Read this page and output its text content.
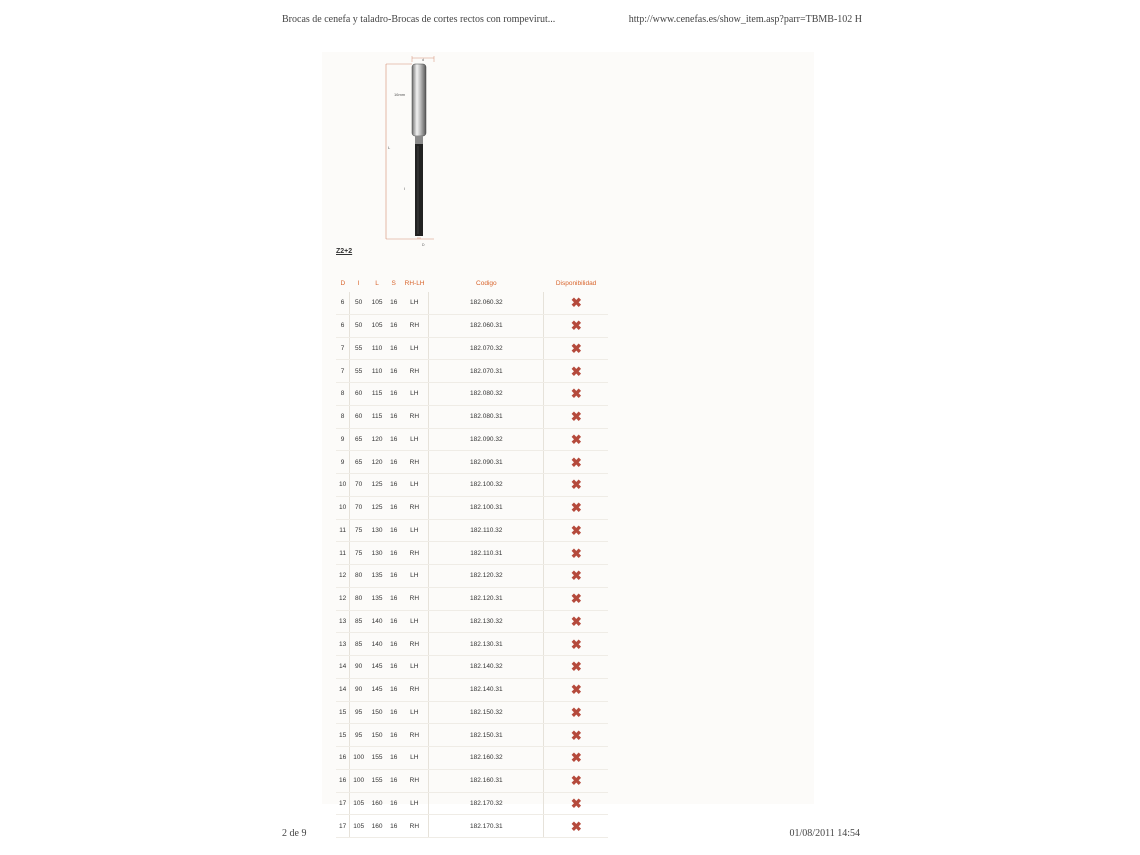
Brocas de cenefa y taladro-Brocas de cortes rectos con rompevirut...	http://www.cenefas.es/show_item.asp?parr=TBMB-102 H
d
16mm
L
I
D
Z2+2
D	I	L	S	RH-LH	Codigo	Disponibilidad
6	50	105	16	LH	182.060.32	✖
6	50	105	16	RH	182.060.31	✖
7	55	110	16	LH	182.070.32	✖
7	55	110	16	RH	182.070.31	✖
8	60	115	16	LH	182.080.32	✖
8	60	115	16	RH	182.080.31	✖
9	65	120	16	LH	182.090.32	✖
9	65	120	16	RH	182.090.31	✖
10	70	125	16	LH	182.100.32	✖
10	70	125	16	RH	182.100.31	✖
11	75	130	16	LH	182.110.32	✖
11	75	130	16	RH	182.110.31	✖
12	80	135	16	LH	182.120.32	✖
12	80	135	16	RH	182.120.31	✖
13	85	140	16	LH	182.130.32	✖
13	85	140	16	RH	182.130.31	✖
14	90	145	16	LH	182.140.32	✖
14	90	145	16	RH	182.140.31	✖
15	95	150	16	LH	182.150.32	✖
15	95	150	16	RH	182.150.31	✖
16	100	155	16	LH	182.160.32	✖
16	100	155	16	RH	182.160.31	✖
17	105	160	16	LH	182.170.32	✖
17	105	160	16	RH	182.170.31	✖
2 de 9	01/08/2011 14:54
